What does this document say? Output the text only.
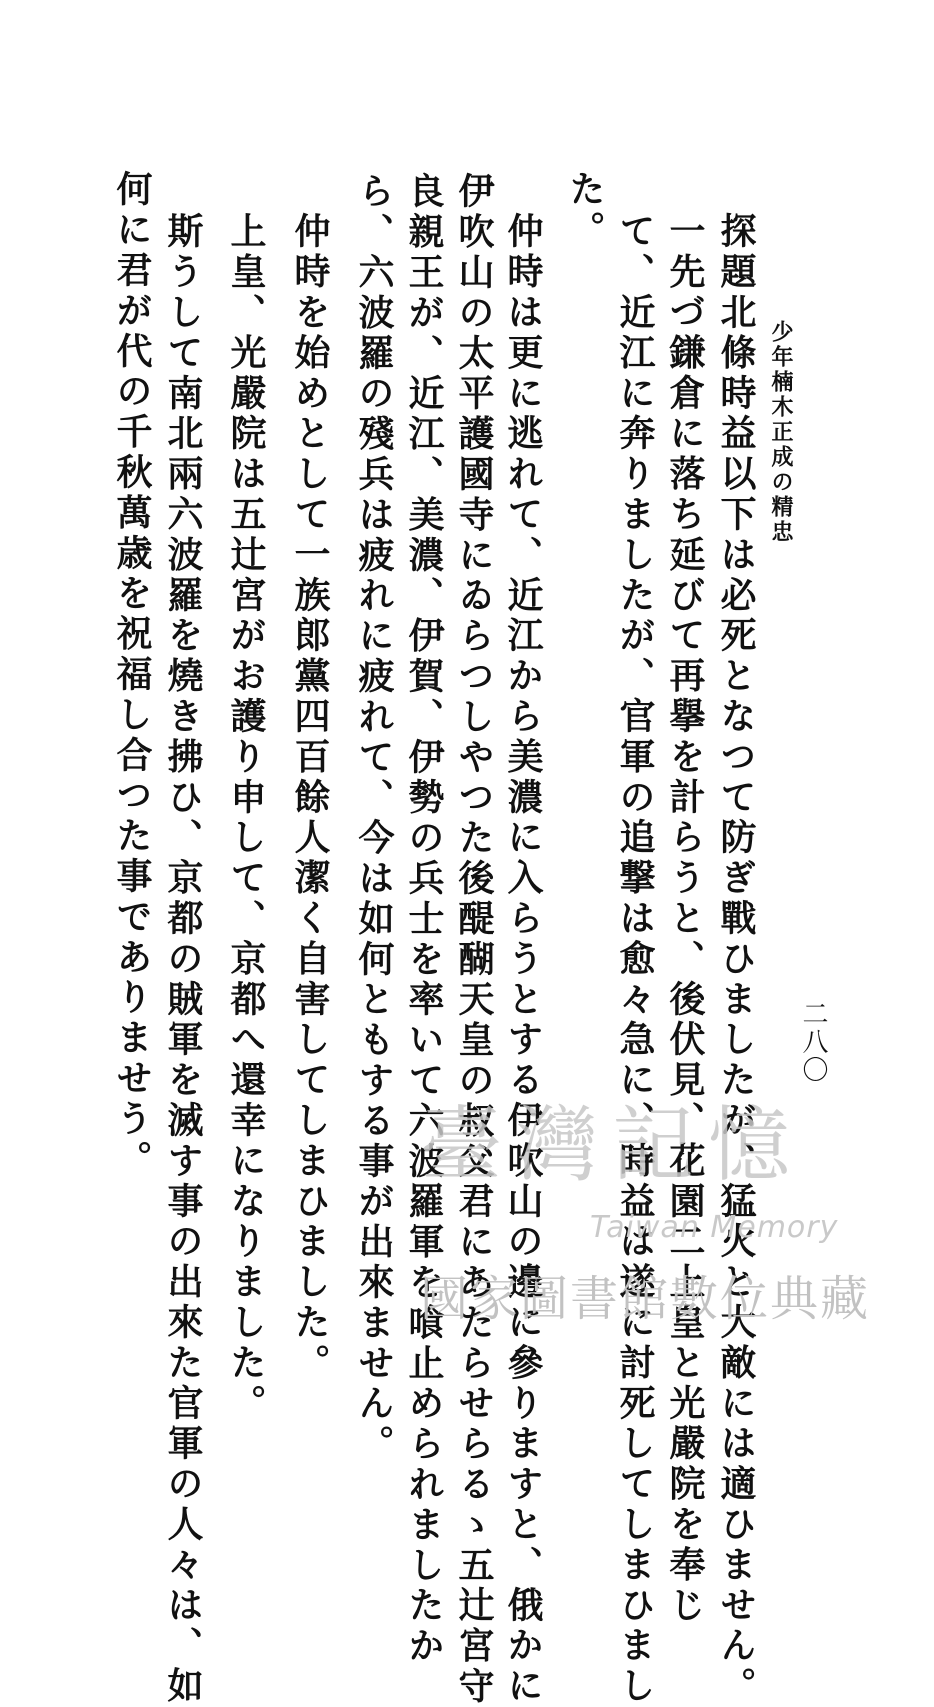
少年楠木正成の精忠
二八〇
探題北條時益以下は必死となつて防ぎ戰ひましたが、猛火と大敵には適ひません。
一先づ鎌倉に落ち延びて再擧を計らうと、後伏見、花園二上皇と光嚴院を奉じ
て、近江に奔りましたが、官軍の追撃は愈々急に、時益は遂に討死してしまひまし
た。
仲時は更に逃れて、近江から美濃に入らうとする伊吹山の邊に參りますと、俄かに
伊吹山の太平護國寺にゐらつしやつた後醍醐天皇の叔父君にあたらせらるゝ五辻宮守
良親王が、近江、美濃、伊賀、伊勢の兵士を率いて六波羅軍を喰止められましたか
ら、六波羅の殘兵は疲れに疲れて、今は如何ともする事が出來ません。
仲時を始めとして一族郎黨四百餘人潔く自害してしまひました。
上皇、光嚴院は五辻宮がお護り申して、京都へ還幸になりました。
斯うして南北兩六波羅を燒き拂ひ、京都の賊軍を滅す事の出來た官軍の人々は、如
何に君が代の千秋萬歳を祝福し合つた事でありませう。	臺灣記憶
Taiwan Memory
國家圖書館數位典藏
